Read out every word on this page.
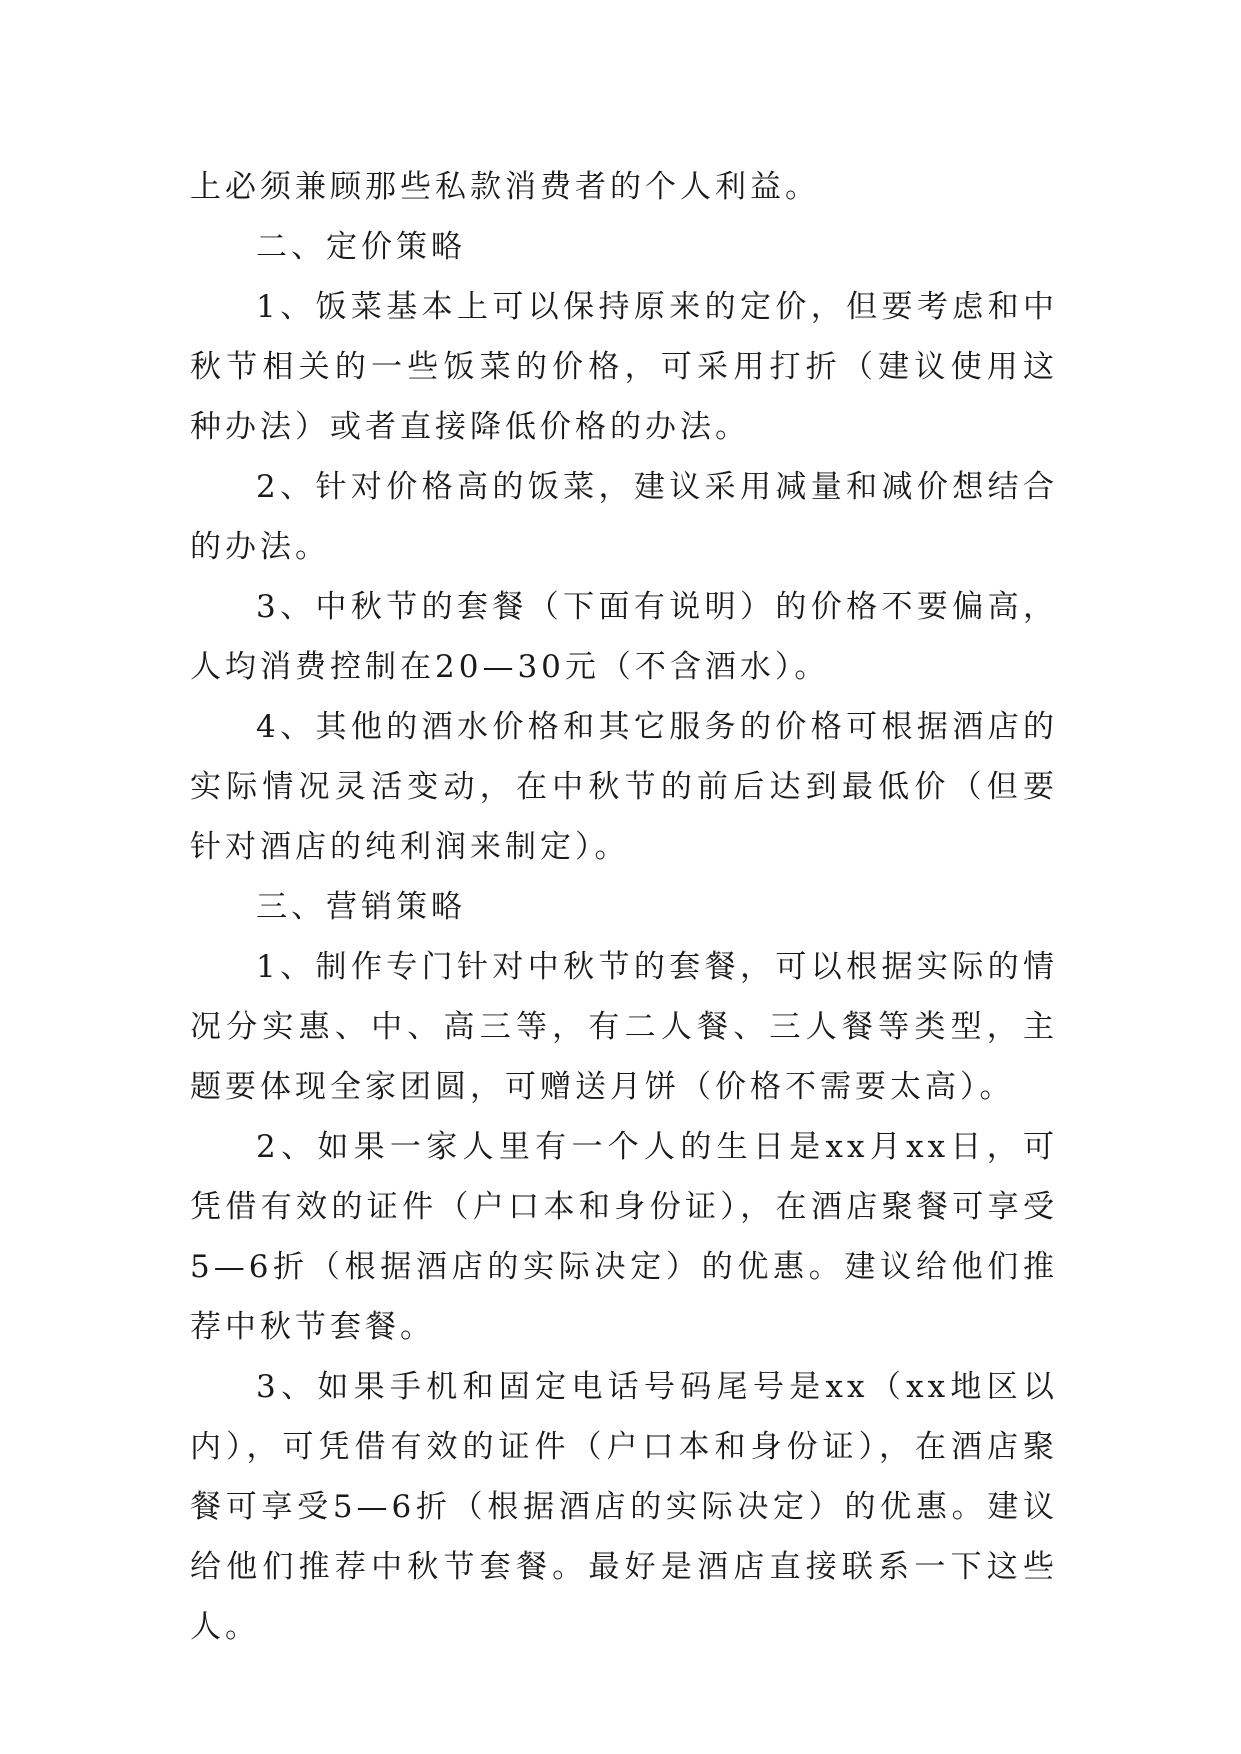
上必须兼顾那些私款消费者的个人利益。

二、定价策略

1、饭菜基本上可以保持原来的定价，但要考虑和中秋节相关的一些饭菜的价格，可采用打折（建议使用这种办法）或者直接降低价格的办法。

2、针对价格高的饭菜，建议采用减量和减价想结合的办法。

3、中秋节的套餐（下面有说明）的价格不要偏高，人均消费控制在20—30元（不含酒水）。

4、其他的酒水价格和其它服务的价格可根据酒店的实际情况灵活变动，在中秋节的前后达到最低价（但要针对酒店的纯利润来制定）。

三、营销策略

1、制作专门针对中秋节的套餐，可以根据实际的情况分实惠、中、高三等，有二人餐、三人餐等类型，主题要体现全家团圆，可赠送月饼（价格不需要太高）。

2、如果一家人里有一个人的生日是xx月xx日，可凭借有效的证件（户口本和身份证），在酒店聚餐可享受5—6折（根据酒店的实际决定）的优惠。建议给他们推荐中秋节套餐。

3、如果手机和固定电话号码尾号是xx（xx地区以内），可凭借有效的证件（户口本和身份证），在酒店聚餐可享受5—6折（根据酒店的实际决定）的优惠。建议给他们推荐中秋节套餐。最好是酒店直接联系一下这些人。
